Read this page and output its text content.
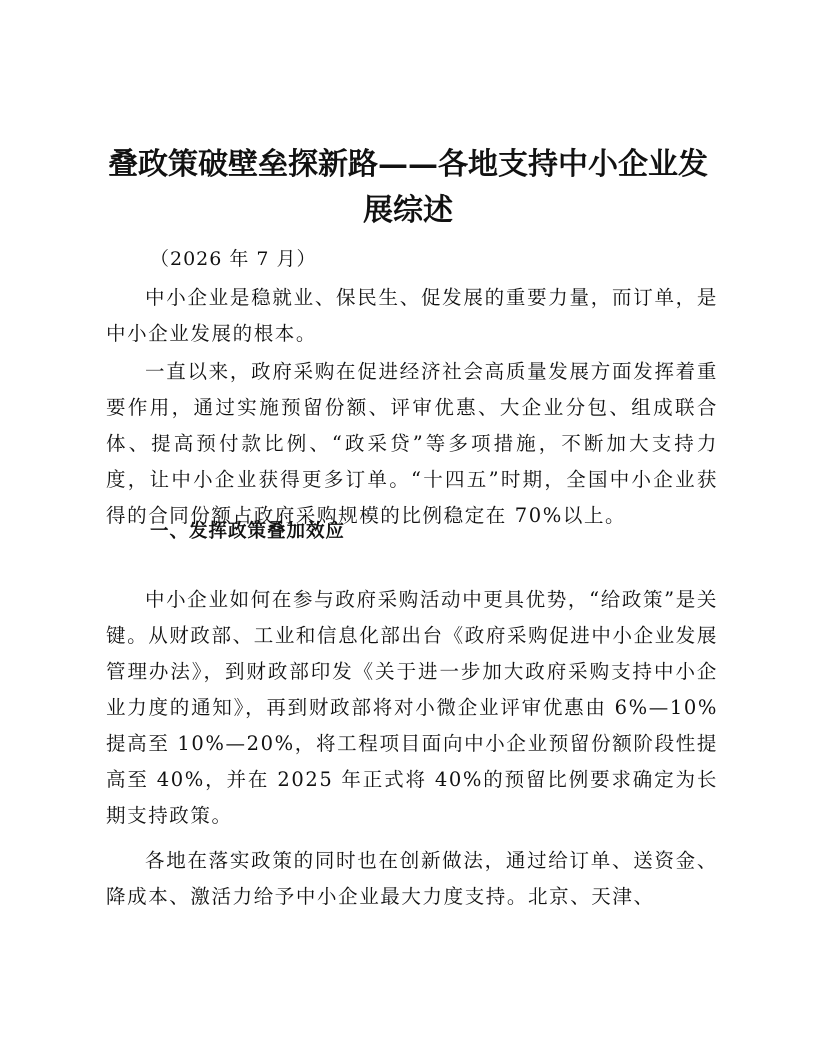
叠政策破壁垒探新路——各地支持中小企业发展综述

（2026 年 7 月）

中小企业是稳就业、保民生、促发展的重要力量，而订单，是中小企业发展的根本。

一直以来，政府采购在促进经济社会高质量发展方面发挥着重要作用，通过实施预留份额、评审优惠、大企业分包、组成联合体、提高预付款比例、“政采贷”等多项措施，不断加大支持力度，让中小企业获得更多订单。“十四五”时期，全国中小企业获得的合同份额占政府采购规模的比例稳定在 70%以上。

一、发挥政策叠加效应

中小企业如何在参与政府采购活动中更具优势，“给政策”是关键。从财政部、工业和信息化部出台《政府采购促进中小企业发展管理办法》，到财政部印发《关于进一步加大政府采购支持中小企业力度的通知》，再到财政部将对小微企业评审优惠由 6%—10%提高至 10%—20%，将工程项目面向中小企业预留份额阶段性提高至 40%，并在 2025 年正式将 40%的预留比例要求确定为长期支持政策。

各地在落实政策的同时也在创新做法，通过给订单、送资金、降成本、激活力给予中小企业最大力度支持。北京、天津、
